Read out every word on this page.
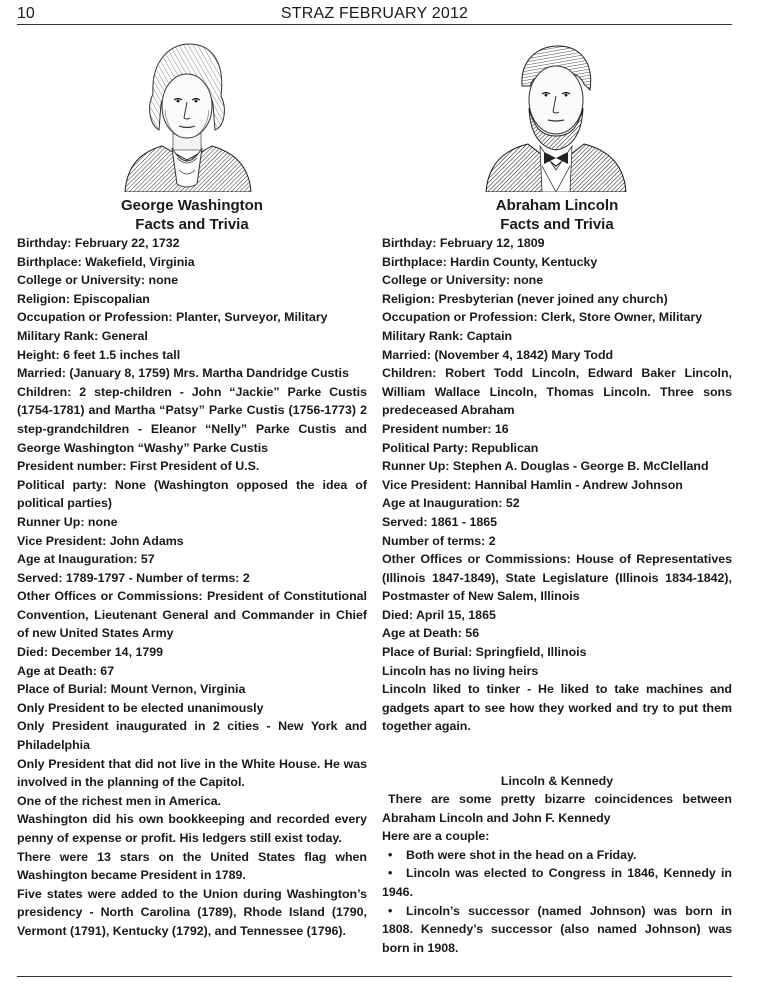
10	STRAZ FEBRUARY 2012
George Washington
Facts and Trivia
Birthday: February 22, 1732
Birthplace: Wakefield, Virginia
College or University: none
Religion: Episcopalian
Occupation or Profession: Planter, Surveyor, Military
Military Rank: General
Height: 6 feet 1.5 inches tall
Married: (January 8, 1759) Mrs. Martha Dandridge Custis
Children: 2 step-children - John “Jackie” Parke Custis (1754-1781) and Martha “Patsy” Parke Custis (1756-1773) 2 step-grandchildren - Eleanor “Nelly” Parke Custis and George Washington “Washy” Parke Custis
President number: First President of U.S.
Political party: None (Washington opposed the idea of political parties)
Runner Up: none
Vice President: John Adams
Age at Inauguration: 57
Served: 1789-1797 - Number of terms: 2
Other Offices or Commissions: President of Constitutional Convention, Lieutenant General and Commander in Chief of new United States Army
Died: December 14, 1799
Age at Death: 67
Place of Burial: Mount Vernon, Virginia
Only President to be elected unanimously
Only President inaugurated in 2 cities - New York and Philadelphia
Only President that did not live in the White House. He was involved in the planning of the Capitol.
One of the richest men in America.
Washington did his own bookkeeping and recorded every penny of expense or profit. His ledgers still exist today.
There were 13 stars on the United States flag when Washington became President in 1789.
Five states were added to the Union during Washington’s presidency - North Carolina (1789), Rhode Island (1790, Vermont (1791), Kentucky (1792), and Tennessee (1796).
Abraham Lincoln
Facts and Trivia
Birthday: February 12, 1809
Birthplace: Hardin County, Kentucky
College or University: none
Religion: Presbyterian (never joined any church)
Occupation or Profession: Clerk, Store Owner, Military
Military Rank: Captain
Married: (November 4, 1842) Mary Todd
Children: Robert Todd Lincoln, Edward Baker Lincoln, William Wallace Lincoln, Thomas Lincoln. Three sons predeceased Abraham
President number: 16
Political Party: Republican
Runner Up: Stephen A. Douglas - George B. McClelland
Vice President: Hannibal Hamlin - Andrew Johnson
Age at Inauguration: 52
Served: 1861 - 1865
Number of terms: 2
Other Offices or Commissions: House of Representatives (Illinois 1847-1849), State Legislature (Illinois 1834-1842), Postmaster of New Salem, Illinois
Died: April 15, 1865
Age at Death: 56
Place of Burial: Springfield, Illinois
Lincoln has no living heirs
Lincoln liked to tinker - He liked to take machines and gadgets apart to see how they worked and try to put them together again.
Lincoln & Kennedy

There are some pretty bizarre coincidences between Abraham Lincoln and John F. Kennedy

Here are a couple:

• Both were shot in the head on a Friday.

• Lincoln was elected to Congress in 1846, Kennedy in 1946.

• Lincoln’s successor (named Johnson) was born in 1808. Kennedy’s successor (also named Johnson) was born in 1908.
